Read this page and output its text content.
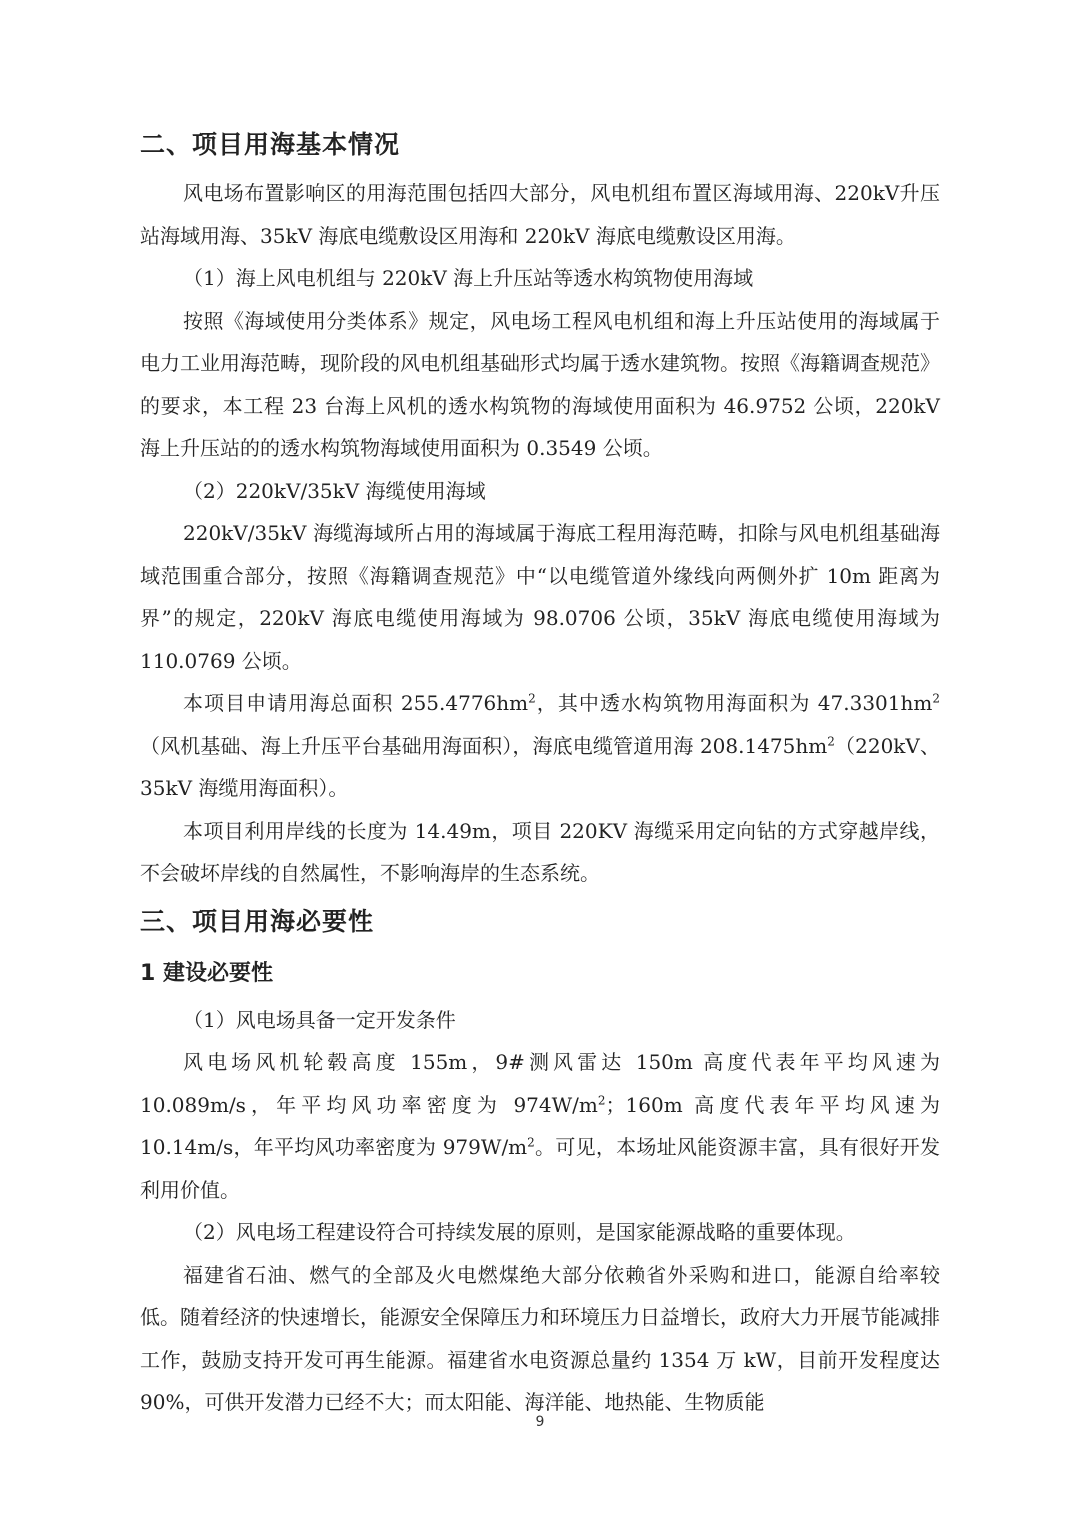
二、项目用海基本情况

风电场布置影响区的用海范围包括四大部分，风电机组布置区海域用海、220kV升压站海域用海、35kV 海底电缆敷设区用海和 220kV 海底电缆敷设区用海。

（1）海上风电机组与 220kV 海上升压站等透水构筑物使用海域

按照《海域使用分类体系》规定，风电场工程风电机组和海上升压站使用的海域属于电力工业用海范畴，现阶段的风电机组基础形式均属于透水建筑物。按照《海籍调查规范》的要求，本工程 23 台海上风机的透水构筑物的海域使用面积为 46.9752 公顷，220kV 海上升压站的的透水构筑物海域使用面积为 0.3549 公顷。

（2）220kV/35kV 海缆使用海域

220kV/35kV 海缆海域所占用的海域属于海底工程用海范畴，扣除与风电机组基础海域范围重合部分，按照《海籍调查规范》中“以电缆管道外缘线向两侧外扩 10m 距离为界”的规定，220kV 海底电缆使用海域为 98.0706 公顷，35kV 海底电缆使用海域为 110.0769 公顷。

本项目申请用海总面积 $255.4776hm^2$，其中透水构筑物用海面积为 $47.3301hm^2$（风机基础、海上升压平台基础用海面积），海底电缆管道用海 $208.1475hm^2(220kV$、35kV 海缆用海面积）。

本项目利用岸线的长度为 14.49m，项目 220KV 海缆采用定向钻的方式穿越岸线，不会破坏岸线的自然属性，不影响海岸的生态系统。

三、项目用海必要性
1 建设必要性

（1）风电场具备一定开发条件

风电场风机轮毂高度 155m，9#测风雷达 150m 高度代表年平均风速为 10.089m/s，年平均风功率密度为 $974W/m^2$；160m 高度代表年平均风速为 10.14m/s，年平均风功率密度为 $979W/m^2$。可见，本场址风能资源丰富，具有很好开发利用价值。

（2）风电场工程建设符合可持续发展的原则，是国家能源战略的重要体现。

福建省石油、燃气的全部及火电燃煤绝大部分依赖省外采购和进口，能源自给率较低。随着经济的快速增长，能源安全保障压力和环境压力日益增长，政府大力开展节能减排工作，鼓励支持开发可再生能源。福建省水电资源总量约 1354 万 kW，目前开发程度达 90%，可供开发潜力已经不大；而太阳能、海洋能、地热能、生物质能

9
